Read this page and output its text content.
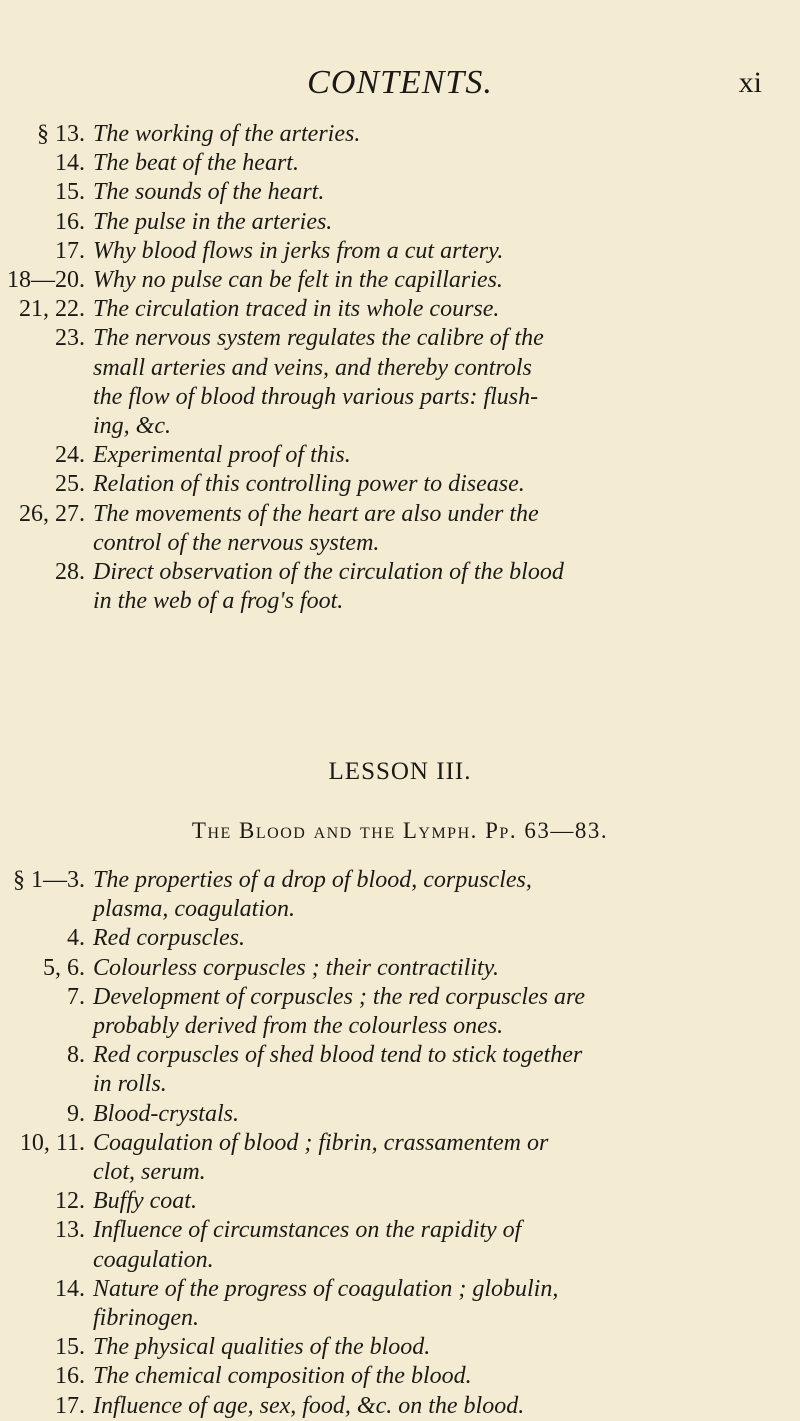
CONTENTS.	xi
§ 13. The working of the arteries.
14. The beat of the heart.
15. The sounds of the heart.
16. The pulse in the arteries.
17. Why blood flows in jerks from a cut artery.
18—20. Why no pulse can be felt in the capillaries.
21, 22. The circulation traced in its whole course.
23. The nervous system regulates the calibre of the
small arteries and veins, and thereby controls
the flow of blood through various parts: flush-
ing, &c.
24. Experimental proof of this.
25. Relation of this controlling power to disease.
26, 27. The movements of the heart are also under the
control of the nervous system.
28. Direct observation of the circulation of the blood
in the web of a frog's foot.
LESSON III.
The Blood and the Lymph. Pp. 63—83.
§ 1—3. The properties of a drop of blood, corpuscles,
plasma, coagulation.
4. Red corpuscles.
5, 6. Colourless corpuscles ; their contractility.
7. Development of corpuscles ; the red corpuscles are
probably derived from the colourless ones.
8. Red corpuscles of shed blood tend to stick together
in rolls.
9. Blood-crystals.
10, 11. Coagulation of blood ; fibrin, crassamentem or
clot, serum.
12. Buffy coat.
13. Influence of circumstances on the rapidity of
coagulation.
14. Nature of the progress of coagulation ; globulin,
fibrinogen.
15. The physical qualities of the blood.
16. The chemical composition of the blood.
17. Influence of age, sex, food, &c. on the blood.
